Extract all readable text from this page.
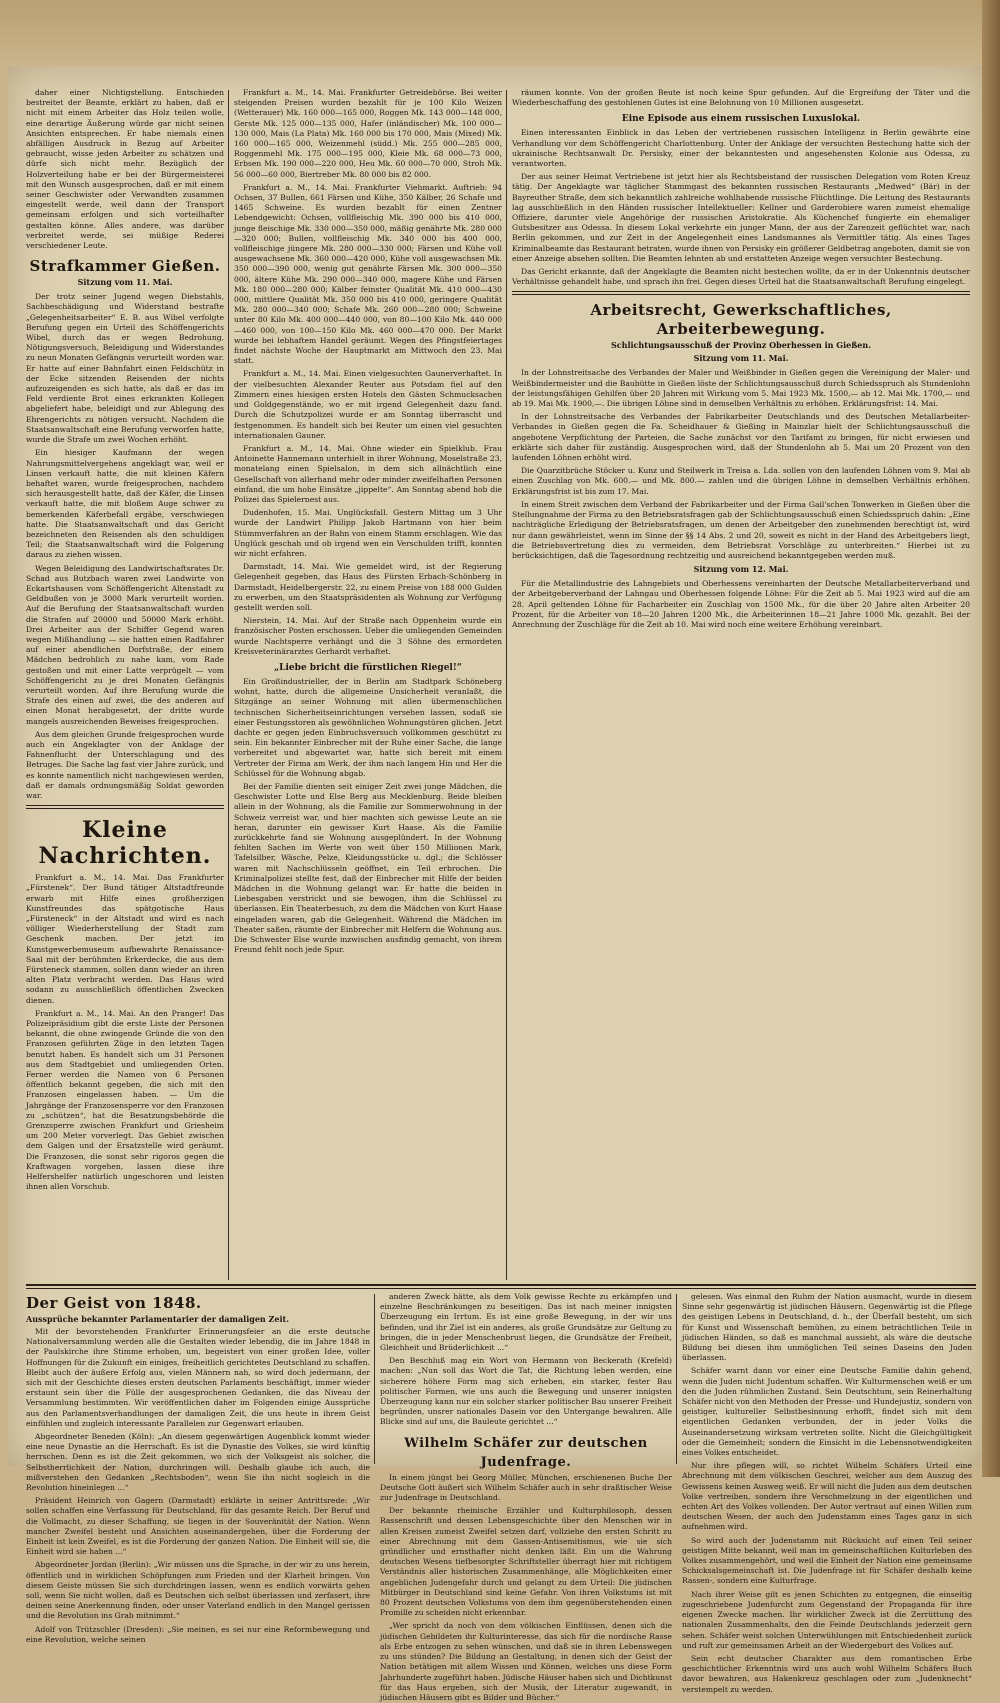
daher einer Nichtigstellung. Entschieden bestreitet der Beamte, erklärt zu haben, daß er nicht mit einem Arbeiter das Holz teilen wolle, eine derartige Äußerung würde gar nicht seinen Ansichten entsprechen. Er habe niemals einen abfälligen Ausdruck in Bezug auf Arbeiter gebraucht, wisse jeden Arbeiter zu schätzen und dürfe sich nicht mehr. Bezüglich der Holzverteilung habe er bei der Bürgermeisterei mit den Wunsch ausgesprochen, daß er mit einem seiner Geschwister oder Verwandten zusammen eingestellt werde, weil dann der Transport gemeinsam erfolgen und sich vorteilhafter gestalten könne. Alles andere, was darüber verbreitet werde, sei müßige Rederei verschiedener Leute.

Strafkammer Gießen.
Sitzung vom 11. Mai.

Der trotz seiner Jugend wegen Diebstahls, Sachbeschädigung und Widerstand bestrafte „Gelegenheitsarbeiter“ E. B. aus Wibel verfolgte Berufung gegen ein Urteil des Schöffengerichts Wibel, durch das er wegen Bedrohung, Nötigungsversuch, Beleidigung und Widerstandes zu neun Monaten Gefängnis verurteilt worden war. Er hatte auf einer Bahnfahrt einen Feldschütz in der Ecke sitzenden Reisenden der nichts aufzuzeigenden es sich hatte, als daß er das im Feld verdiente Brot eines erkrankten Kollegen abgeliefert habe, beleidigt und zur Ablegung des Ehrengerichts zu nötigen versucht. Nachdem die Staatsanwaltschaft eine Berufung verworfen hatte, wurde die Strafe um zwei Wochen erhöht.

Ein hiesiger Kaufmann der wegen Nahrungsmittelvergehens angeklagt war, weil er Linsen verkauft hatte, die mit kleinen Käfern behaftet waren, wurde freigesprochen, nachdem sich herausgestellt hatte, daß der Käfer, die Linsen verkauft hatte, die mit bloßem Auge schwer zu bemerkenden Käferbefall ergäbe, verschwiegen hatte. Die Staatsanwaltschaft und das Gericht bezeichneten den Reisenden als den schuldigen Teil; die Staatsanwaltschaft wird die Folgerung daraus zu ziehen wissen.

Wegen Beleidigung des Landwirtschaftsrates Dr. Schad aus Butzbach waren zwei Landwirte von Eckartshausen vom Schöffengericht Altenstadt zu Geldbußen von je 3000 Mark verurteilt worden. Auf die Berufung der Staatsanwaltschaft wurden die Strafen auf 20000 und 50000 Mark erhöht. Drei Arbeiter aus der Schiffer Gegend waren wegen Mißhandlung — sie hatten einen Radfahrer auf einer abendlichen Dorfstraße, der einem Mädchen bedrohlich zu nahe kam, vom Rade gestoßen und mit einer Latte verprügelt — vom Schöffengericht zu je drei Monaten Gefängnis verurteilt worden. Auf ihre Berufung wurde die Strafe des einen auf zwei, die des anderen auf einen Monat herabgesetzt, der dritte wurde mangels ausreichenden Beweises freigesprochen.

Aus dem gleichen Grunde freigesprochen wurde auch ein Angeklagter von der Anklage der Fahnenflucht der Unterschlagung und des Betruges. Die Sache lag fast vier Jahre zurück, und es konnte namentlich nicht nachgewiesen werden, daß er damals ordnungsmäßig Soldat geworden war.

Kleine Nachrichten.

Frankfurt a. M., 14. Mai. Das Frankfurter „Fürstenek“. Der Bund tätiger Altstadtfreunde erwarb mit Hilfe eines großherzigen Kunstfreundes das spätgotische Haus „Fürsteneck“ in der Altstadt und wird es nach völliger Wiederherstellung der Stadt zum Geschenk machen. Der jetzt im Kunstgewerbemuseum aufbewahrte Renaissance-Saal mit der berühmten Erkerdecke, die aus dem Fürsteneck stammen, sollen dann wieder an ihren alten Platz verbracht werden. Das Haus wird sodann zu ausschließlich öffentlichen Zwecken dienen.

Frankfurt a. M., 14. Mai. An den Pranger! Das Polizeipräsidium gibt die erste Liste der Personen bekannt, die ohne zwingende Gründe die von den Franzosen geführten Züge in den letzten Tagen benutzt haben. Es handelt sich um 31 Personen aus dem Stadtgebiet und umliegenden Orten. Ferner werden die Namen von 6 Personen öffentlich bekannt gegeben, die sich mit den Franzosen eingelassen haben. — Um die Jahrgänge der Franzosensperre vor den Franzosen zu „schützen“, hat die Besatzungsbehörde die Grenzsperre zwischen Frankfurt und Griesheim um 200 Meter vorverlegt. Das Gebiet zwischen dem Galgen und der Ersatzstelle wird geräumt. Die Franzosen, die sonst sehr rigoros gegen die Kraftwagen vorgehen, lassen diese ihre Helfershelfer natürlich ungeschoren und leisten ihnen allen Vorschub.

Frankfurt a. M., 14. Mai. Frankfurter Getreidebörse. Bei weiter steigenden Preisen wurden bezahlt für je 100 Kilo Weizen (Wetterauer) Mk. 160 000—165 000, Roggen Mk. 143 000—148 000, Gerste Mk. 125 000—135 000, Hafer (inländischer) Mk. 100 000—130 000, Mais (La Plata) Mk. 160 000 bis 170 000, Mais (Mixed) Mk. 160 000—165 000, Weizenmehl (südd.) Mk. 255 000—285 000, Roggenmehl Mk. 175 000—195 000, Kleie Mk. 68 000—73 000, Erbsen Mk. 190 000—220 000, Heu Mk. 60 000—70 000, Stroh Mk. 56 000—60 000, Biertreber Mk. 80 000 bis 82 000.

Frankfurt a. M., 14. Mai. Frankfurter Viehmarkt. Auftrieb: 94 Ochsen, 37 Bullen, 661 Färsen und Kühe, 350 Kälber, 26 Schafe und 1465 Schweine. Es wurden bezahlt für einen Zentner Lebendgewicht: Ochsen, vollfleischig Mk. 390 000 bis 410 000, junge fleischige Mk. 330 000—350 000, mäßig genährte Mk. 280 000—320 000; Bullen, vollfleischig Mk. 340 000 bis 400 000, vollfleischige jüngere Mk. 280 000—330 000; Färsen und Kühe voll ausgewachsene Mk. 360 000—420 000, Kühe voll ausgewachsen Mk. 350 000—390 000, wenig gut genährte Färsen Mk. 300 000—350 000, ältere Kühe Mk. 290 000—340 000, magere Kühe und Färsen Mk. 180 000—280 000; Kälber feinster Qualität Mk. 410 000—430 000, mittlere Qualität Mk. 350 000 bis 410 000, geringere Qualität Mk. 280 000—340 000; Schafe Mk. 260 000—280 000; Schweine unter 80 Kilo Mk. 400 000—440 000, von 80—100 Kilo Mk. 440 000—460 000, von 100—150 Kilo Mk. 460 000—470 000. Der Markt wurde bei lebhaftem Handel geräumt. Wegen des Pfingstfeiertages findet nächste Woche der Hauptmarkt am Mittwoch den 23. Mai statt.

Frankfurt a. M., 14. Mai. Einen vielgesuchten Gaunerverhaftet. In der vielbesuchten Alexander Reuter aus Potsdam fiel auf den Zimmern eines hiesigen ersten Hotels den Gästen Schmucksachen und Goldgegenstände, wo er mit irgend Gelegenheit dazu fand. Durch die Schutzpolizei wurde er am Sonntag überrascht und festgenommen. Es handelt sich bei Reuter um einen viel gesuchten internationalen Gauner.

Frankfurt a. M., 14. Mai. Ohne wieder ein Spielklub. Frau Antoinette Hannemann unterhielt in ihrer Wohnung, Moselstraße 23, monatelang einen Spielsalon, in dem sich allnächtlich eine Gesellschaft von allerhand mehr oder minder zweifelhaften Personen einfand, die um hohe Einsätze „jippelte“. Am Sonntag abend hob die Polizei das Spielernest aus.

Dudenhofen, 15. Mai. Unglücksfall. Gestern Mittag um 3 Uhr wurde der Landwirt Philipp Jakob Hartmann von hier beim Stümmverfahren an der Bahn von einem Stamm erschlagen. Wie das Unglück geschah und ob irgend wen ein Verschulden trifft, konnten wir nicht erfahren.

Darmstadt, 14. Mai. Wie gemeldet wird, ist der Regierung Gelegenheit gegeben, das Haus des Fürsten Erbach-Schönberg in Darmstadt, Heidelbergerstr. 22, zu einem Preise von 188 000 Gulden zu erwerben, um den Staatspräsidenten als Wohnung zur Verfügung gestellt werden soll.

Nierstein, 14. Mai. Auf der Straße nach Oppenheim wurde ein französischer Posten erschossen. Ueber die umliegenden Gemeinden wurde Nachtsperre verhängt und die 3 Söhne des ermordeten Kreisveterinärarztes Gerhardt verhaftet.

„Liebe bricht die fürstlichen Riegel!“

Ein Großindustrieller, der in Berlin am Stadtpark Schöneberg wohnt, hatte, durch die allgemeine Unsicherheit veranlaßt, die Sitzgänge an seiner Wohnung mit allen übermenschlichen technischen Sicherheitseinrichtungen versehen lassen, sodaß sie einer Festungsstoren als gewöhnlichen Wohnungstüren glichen. Jetzt dachte er gegen jeden Einbruchsversuch vollkommen geschützt zu sein. Ein bekannter Einbrecher mit der Ruhe einer Sache, die lange vorbereitet und abgewartet war, hatte sich bereit mit einem Vertreter der Firma am Werk, der ihm nach langem Hin und Her die Schlüssel für die Wohnung abgab.

Bei der Familie dienten seit einiger Zeit zwei junge Mädchen, die Geschwister Lotte und Else Berg aus Mecklenburg. Beide bleiben allein in der Wohnung, als die Familie zur Sommerwohnung in der Schweiz verreist war, und hier machten sich gewisse Leute an sie heran, darunter ein gewisser Kurt Haase. Als die Familie zurückkehrte fand sie Wohnung ausgeplündert. In der Wohnung fehlten Sachen im Werte von weit über 150 Millionen Mark, Tafelsilber, Wäsche, Pelze, Kleidungsstücke u. dgl.; die Schlösser waren mit Nachschlüsseln geöffnet, ein Teil erbrochen. Die Kriminalpolizei stellte fest, daß der Einbrecher mit Hilfe der beiden Mädchen in die Wohnung gelangt war. Er hatte die beiden in Liebesgaben verstrickt und sie bewogen, ihm die Schlüssel zu überlassen. Ein Theaterbesuch, zu dem die Mädchen von Kurt Haase eingeladen waren, gab die Gelegenheit. Während die Mädchen im Theater saßen, räumte der Einbrecher mit Helfern die Wohnung aus. Die Schwester Else wurde inzwischen ausfindig gemacht, von ihrem Freund fehlt noch jede Spur.

räumen konnte. Von der großen Beute ist noch keine Spur gefunden. Auf die Ergreifung der Täter und die Wiederbeschaffung des gestohlenen Gutes ist eine Belohnung von 10 Millionen ausgesetzt.

Eine Episode aus einem russischen Luxuslokal.

Einen interessanten Einblick in das Leben der vertriebenen russischen Intelligenz in Berlin gewährte eine Verhandlung vor dem Schöffengericht Charlottenburg. Unter der Anklage der versuchten Bestechung hatte sich der ukrainische Rechtsanwalt Dr. Persisky, einer der bekanntesten und angesehensten Kolonie aus Odessa, zu verantworten.

Der aus seiner Heimat Vertriebene ist jetzt hier als Rechtsbeistand der russischen Delegation vom Roten Kreuz tätig. Der Angeklagte war täglicher Stammgast des bekannten russischen Restaurants „Medwed“ (Bär) in der Bayreuther Straße, dem sich bekanntlich zahlreiche wohlhabende russische Flüchtlinge. Die Leitung des Restaurants lag ausschließlich in den Händen russischer Intellektueller: Kellner und Garderobiere waren zumeist ehemalige Offiziere, darunter viele Angehörige der russischen Aristokratie. Als Küchenchef fungierte ein ehemaliger Gutsbesitzer aus Odessa. In diesem Lokal verkehrte ein junger Mann, der aus der Zarenzeit geflüchtet war, nach Berlin gekommen, und zur Zeit in der Angelegenheit eines Landsmannes als Vermittler tätig. Als eines Tages Kriminalbeamte das Restaurant betraten, wurde ihnen von Persisky ein größerer Geldbetrag angeboten, damit sie von einer Anzeige absehen sollten. Die Beamten lehnten ab und erstatteten Anzeige wegen versuchter Bestechung.

Das Gericht erkannte, daß der Angeklagte die Beamten nicht bestechen wollte, da er in der Unkenntnis deutscher Verhältnisse gehandelt habe, und sprach ihn frei. Gegen dieses Urteil hat die Staatsanwaltschaft Berufung eingelegt.

Arbeitsrecht, Gewerkschaftliches, Arbeiterbewegung.
Schlichtungsausschuß der Provinz Oberhessen in Gießen.
Sitzung vom 11. Mai.

In der Lohnstreitsache des Verbandes der Maler und Weißbinder in Gießen gegen die Vereinigung der Maler- und Weißbindermeister und die Baubütte in Gießen löste der Schlichtungsausschuß durch Schiedsspruch als Stundenlohn der leistungsfähigen Gehilfen über 20 Jahren mit Wirkung vom 5. Mai 1923 Mk. 1500,— ab 12. Mai Mk. 1700,— und ab 19. Mai Mk. 1900,—. Die übrigen Löhne sind in demselben Verhältnis zu erhöhen. Erklärungsfrist: 14. Mai.

In der Lohnstreitsache des Verbandes der Fabrikarbeiter Deutschlands und des Deutschen Metallarbeiter-Verbandes in Gießen gegen die Fa. Scheidhauer & Gießing in Mainzlar hielt der Schlichtungsausschuß die angebotene Verpflichtung der Parteien, die Sache zunächst vor den Tarifamt zu bringen, für nicht erwiesen und erklärte sich daher für zuständig. Ausgesprochen wird, daß der Stundenlohn ab 5. Mai um 20 Prozent von den laufenden Löhnen erhöht wird.

Die Quarzitbrüche Stöcker u. Kunz und Steilwerk in Treisa a. Lda. sollen von den laufenden Löhnen vom 9. Mai ab einen Zuschlag von Mk. 600.— und Mk. 800.— zahlen und die übrigen Löhne in demselben Verhältnis erhöhen. Erklärungsfrist ist bis zum 17. Mai.

In einem Streit zwischen dem Verband der Fabrikarbeiter und der Firma Gail'schen Tonwerken in Gießen über die Stellungnahme der Firma zu den Betriebsratsfragen gab der Schlichtungsausschuß einen Schiedsspruch dahin: „Eine nachträgliche Erledigung der Betriebsratsfragen, um denen der Arbeitgeber den zunehmenden berechtigt ist, wird nur dann gewährleistet, wenn im Sinne der §§ 14 Abs. 2 und 20, soweit es nicht in der Hand des Arbeitgebers liegt, die Betriebsvertretung dies zu vermeiden, dem Betriebsrat Vorschläge zu unterbreiten.“ Hierbei ist zu berücksichtigen, daß die Tagesordnung rechtzeitig und ausreichend bekanntgegeben werden muß.

Sitzung vom 12. Mai.

Für die Metallindustrie des Lahngebiets und Oberhessens vereinbarten der Deutsche Metallarbeiterverband und der Arbeitgeberverband der Lahngau und Oberhessen folgende Löhne: Für die Zeit ab 5. Mai 1923 wird auf die am 28. April geltenden Löhne für Facharbeiter ein Zuschlag von 1500 Mk., für die über 20 Jahre alten Arbeiter 20 Prozent, für die Arbeiter von 18—20 Jahren 1200 Mk., die Arbeiterinnen 18—21 Jahre 1000 Mk. gezahlt. Bei der Anrechnung der Zuschläge für die Zeit ab 10. Mai wird noch eine weitere Erhöhung vereinbart.

Der Geist von 1848.
Aussprüche bekannter Parlamentarier der damaligen Zeit.

Mit der bevorstehenden Frankfurter Erinnerungsfeier an die erste deutsche Nationalversammlung werden alle die Gestalten wieder lebendig, die im Jahre 1848 in der Paulskirche ihre Stimme erhoben, um, begeistert von einer großen Idee, voller Hoffnungen für die Zukunft ein einiges, freiheitlich gerichtetes Deutschland zu schaffen. Bleibt auch der äußere Erfolg aus, vielen Männern nah, so wird doch jedermann, der sich mit der Geschichte dieses ersten deutschen Parlaments beschäftigt, immer wieder erstaunt sein über die Fülle der ausgesprochenen Gedanken, die das Niveau der Versammlung bestimmten. Wir veröffentlichen daher im Folgenden einige Aussprüche aus den Parlamentsverhandlungen der damaligen Zeit, die uns heute in ihrem Geist einfühlen und zugleich interessante Parallelen zur Gegenwart erlauben.

Abgeordneter Beneden (Köln): „An diesem gegenwärtigen Augenblick kommt wieder eine neue Dynastie an die Herrschaft. Es ist die Dynastie des Volkes, sie wird künftig herrschen. Denn es ist die Zeit gekommen, wo sich der Volksgeist als solcher, die Selbstherrlichkeit der Nation, durchringen will. Deshalb glaube ich auch, die mißverstehen den Gedanken „Rechtsboden“, wenn Sie ihn nicht sogleich in die Revolution hineinlegen ...“

Präsident Heinrich von Gagern (Darmstadt) erklärte in seiner Antrittsrede: „Wir sollen schaffen eine Verfassung für Deutschland, für das gesamte Reich. Der Beruf und die Vollmacht, zu dieser Schaffung, sie liegen in der Souveränität der Nation. Wenn mancher Zweifel besteht und Ansichten auseinandergehen, über die Forderung der Einheit ist kein Zweifel, es ist die Forderung der ganzen Nation. Die Einheit will sie, die Einheit wird sie haben ...“

Abgeordneter Jordan (Berlin): „Wir müssen uns die Sprache, in der wir zu uns herein, öffentlich und in wirklichen Schöpfungen zum Frieden und der Klarheit bringen. Von diesem Geiste müssen Sie sich durchdringen lassen, wenn es endlich vorwärts gehen soll, wenn Sie nicht wollen, daß es Deutschen sich selbst überlassen und zerfasert, ihre deinen seine Anerkennung finden, oder unser Vaterland endlich in den Mangel gerissen und die Revolution ins Grab mitnimmt.“

Adolf von Trützschler (Dresden): „Sie meinen, es sei nur eine Reformbewegung und eine Revolution, welche seinen

anderen Zweck hätte, als dem Volk gewisse Rechte zu erkämpfen und einzelne Beschränkungen zu beseitigen. Das ist nach meiner innigsten Überzeugung ein Irrtum. Es ist eine große Bewegung, in der wir uns befinden, und ihr Ziel ist ein anderes, als große Grundsätze zur Geltung zu bringen, die in jeder Menschenbrust liegen, die Grundsätze der Freiheit, Gleichheit und Brüderlichkeit ...“

Den Beschluß mag ein Wort von Hermann von Beckerath (Krefeld) machen: „Nun soll das Wort die Tat, die Richtung leben werden, eine sicherere höhere Form mag sich erheben, ein starker, fester Bau politischer Formen, wie uns auch die Bewegung und unserer innigsten Überzeugung kann nur ein solcher starker politischer Bau unserer Freiheit begründen, unsrer nationales Dasein vor den Untergange bewahren. Alle Blicke sind auf uns, die Bauleute gerichtet ...“

Wilhelm Schäfer zur deutschen Judenfrage.

In einem jüngst bei Georg Müller, München, erschienenen Buche Der Deutsche Gott äußert sich Wilhelm Schäfer auch in sehr draßtischer Weise zur Judenfrage in Deutschland.

Der bekannte rheinische Erzähler und Kulturphilosoph, dessen Rassenschrift und dessen Lebensgeschichte über den Menschen wir in allen Kreisen zumeist Zweifel setzen darf, vollziehe den ersten Schritt zu einer Abrechnung mit dem Gassen-Antisemitismus, wie sie sich gründlicher und ernsthafter nicht denken läßt. Ein um die Wahrung deutschen Wesens tiefbesorgter Schriftsteller überragt hier mit richtigem Verständnis aller historischen Zusammenhänge, alle Möglichkeiten einer angeblichen Judengefahr durch und gelangt zu dem Urteil: Die jüdischen Mitbürger in Deutschland sind keine Gefahr. Von ihren Volkstums ist mit 80 Prozent deutschen Volkstums von dem ihm gegenüberstehenden einen Promille zu scheiden nicht erkennbar.

„Wer spricht da noch von dem völkischen Einflüssen, denen sich die jüdischen Gebildeten ihr Kulturinteresse, das sich für die nordische Rasse als Erbe entzogen zu sehen wünschen, und daß sie in ihren Lebenswegen zu uns stünden? Die Bildung an Gestaltung, in denen sich der Geist der Nation betätigen mit allem Wissen und Können, welches uns diese Form Jahrhunderte zugeführt haben. Jüdische Häuser haben sich und Dichtkunst für das Haus ergeben, sich der Musik, der Literatur zugewandt, in jüdischen Häusern gibt es Bilder und Bücher.“

gelesen. Was einmal den Ruhm der Nation ausmacht, wurde in diesem Sinne sehr gegenwärtig ist jüdischen Häusern. Gegenwärtig ist die Pflege des geistigen Lebens in Deutschland, d. h., der Überfall besteht, um sich für Kunst und Wissenschaft bemühen, zu einem beträchtlichen Teile in jüdischen Händen, so daß es manchmal aussieht, als wäre die deutsche Bildung bei diesen ihm unmöglichen Teil seines Daseins den Juden überlassen.

Schäfer warnt dann vor einer eine Deutsche Familie dahin gehend, wenn die Juden nicht Judentum schaffen. Wir Kulturmenschen weiß er um den die Juden rühmlichen Zustand. Sein Deutschtum, sein Reinerhaltung Schäfer nicht von den Methoden der Presse- und Hundejustiz, sondern von geistiger, kultureller Selbstbesinnung erhofft, findet sich mit dem eigentlichen Gedanken verbunden, der in jeder Volks die Auseinandersetzung wirksam vertreten sollte. Nicht die Gleichgültigkeit oder die Gemeinheit; sondern die Einsicht in die Lebensnotwendigkeiten eines Volkes entscheidet.

Nur ihre pflegen will, so richtet Wilhelm Schäfers Urteil eine Abrechnung mit dem völkischen Geschrei, welcher aus dem Auszug des Gewissens keinen Ausweg weiß. Er will nicht die Juden aus dem deutschen Volke vertreiben, sondern ihre Verschmelzung in der eigentlichen und echten Art des Volkes vollenden. Der Autor vertraut auf einen Willen zum deutschen Wesen, der auch den Judenstamm eines Tages ganz in sich aufnehmen wird.

So wird auch der Judenstamm mit Rücksicht auf einen Teil seiner geistigen Mitte bekannt, weil man im gemeinschaftlichen Kulturleben des Volkes zusammengehört, und weil die Einheit der Nation eine gemeinsame Schicksalsgemeinschaft ist. Die Judenfrage ist für Schäfer deshalb keine Rassen-, sondern eine Kulturfrage.

Nach ihrer Weise gilt es jenen Schichten zu entgegnen, die einseitig zugeschriebene Judenfurcht zum Gegenstand der Propaganda für ihre eigenen Zwecke machen. Ihr wirklicher Zweck ist die Zerrüttung des nationalen Zusammenhalts, den die Feinde Deutschlands jederzeit gern sehen. Schäfer weist solchen Unterwühlungen mit Entschiedenheit zurück und ruft zur gemeinsamen Arbeit an der Wiedergeburt des Volkes auf.

Sein echt deutscher Charakter aus dem romantischen Erbe geschichtlicher Erkenntnis wird uns auch wohl Wilhelm Schäfers Buch davor bewahren, aus Hakenkreuz geschlagen oder zum „Judenknecht“ verstempelt zu werden.
